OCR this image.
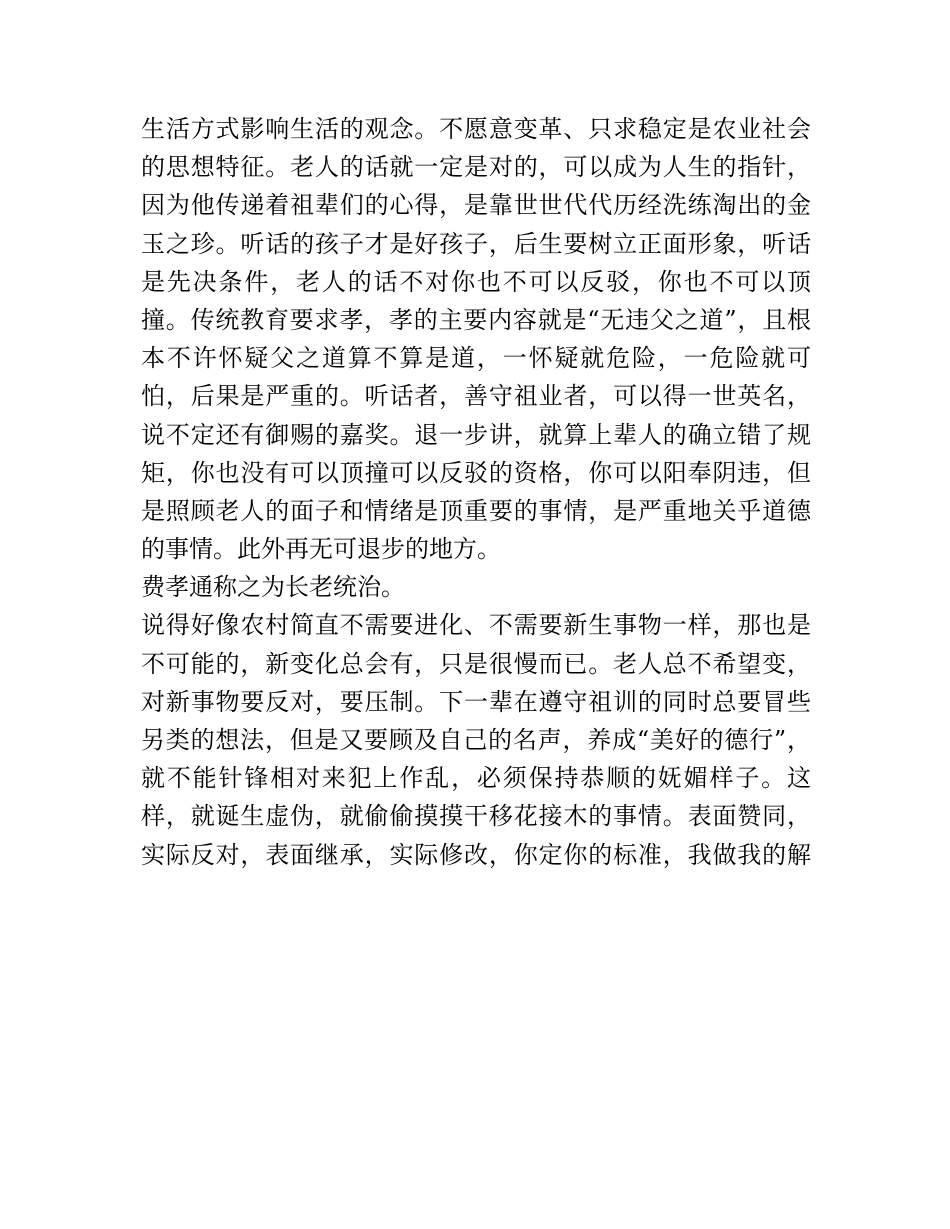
生活方式影响生活的观念。不愿意变革、只求稳定是农业社会
的思想特征。老人的话就一定是对的，可以成为人生的指针，
因为他传递着祖辈们的心得，是靠世世代代历经洗练淘出的金
玉之珍。听话的孩子才是好孩子，后生要树立正面形象，听话
是先决条件，老人的话不对你也不可以反驳，你也不可以顶
撞。传统教育要求孝，孝的主要内容就是“无违父之道”，且根
本不许怀疑父之道算不算是道，一怀疑就危险，一危险就可
怕，后果是严重的。听话者，善守祖业者，可以得一世英名，
说不定还有御赐的嘉奖。退一步讲，就算上辈人的确立错了规
矩，你也没有可以顶撞可以反驳的资格，你可以阳奉阴违，但
是照顾老人的面子和情绪是顶重要的事情，是严重地关乎道德
的事情。此外再无可退步的地方。
费孝通称之为长老统治。
说得好像农村简直不需要进化、不需要新生事物一样，那也是
不可能的，新变化总会有，只是很慢而已。老人总不希望变，
对新事物要反对，要压制。下一辈在遵守祖训的同时总要冒些
另类的想法，但是又要顾及自己的名声，养成“美好的德行”，
就不能针锋相对来犯上作乱，必须保持恭顺的妩媚样子。这
样，就诞生虚伪，就偷偷摸摸干移花接木的事情。表面赞同，
实际反对，表面继承，实际修改，你定你的标准，我做我的解
